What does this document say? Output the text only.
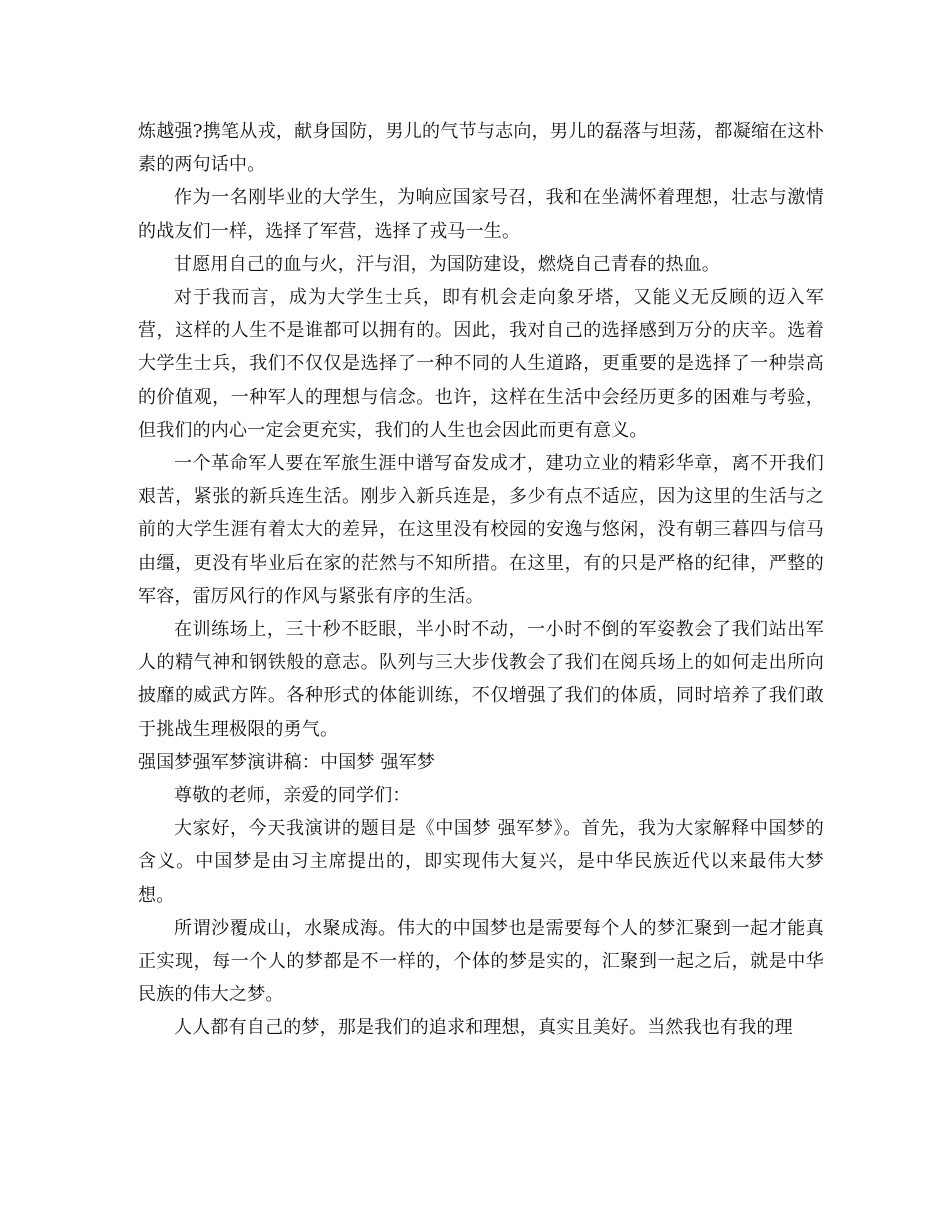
炼越强?携笔从戎，献身国防，男儿的气节与志向，男儿的磊落与坦荡，都凝缩在这朴素的两句话中。

作为一名刚毕业的大学生，为响应国家号召，我和在坐满怀着理想，壮志与激情的战友们一样，选择了军营，选择了戎马一生。

甘愿用自己的血与火，汗与泪，为国防建设，燃烧自己青春的热血。

对于我而言，成为大学生士兵，即有机会走向象牙塔，又能义无反顾的迈入军营，这样的人生不是谁都可以拥有的。因此，我对自己的选择感到万分的庆辛。选着大学生士兵，我们不仅仅是选择了一种不同的人生道路，更重要的是选择了一种崇高的价值观，一种军人的理想与信念。也许，这样在生活中会经历更多的困难与考验，但我们的内心一定会更充实，我们的人生也会因此而更有意义。

一个革命军人要在军旅生涯中谱写奋发成才，建功立业的精彩华章，离不开我们艰苦，紧张的新兵连生活。刚步入新兵连是，多少有点不适应，因为这里的生活与之前的大学生涯有着太大的差异，在这里没有校园的安逸与悠闲，没有朝三暮四与信马由缰，更没有毕业后在家的茫然与不知所措。在这里，有的只是严格的纪律，严整的军容，雷厉风行的作风与紧张有序的生活。

在训练场上，三十秒不眨眼，半小时不动，一小时不倒的军姿教会了我们站出军人的精气神和钢铁般的意志。队列与三大步伐教会了我们在阅兵场上的如何走出所向披靡的威武方阵。各种形式的体能训练，不仅增强了我们的体质，同时培养了我们敢于挑战生理极限的勇气。

强国梦强军梦演讲稿：中国梦 强军梦

尊敬的老师，亲爱的同学们：

大家好，今天我演讲的题目是《中国梦 强军梦》。首先，我为大家解释中国梦的含义。中国梦是由习主席提出的，即实现伟大复兴，是中华民族近代以来最伟大梦想。

所谓沙覆成山，水聚成海。伟大的中国梦也是需要每个人的梦汇聚到一起才能真正实现，每一个人的梦都是不一样的，个体的梦是实的，汇聚到一起之后，就是中华民族的伟大之梦。

人人都有自己的梦，那是我们的追求和理想，真实且美好。当然我也有我的理
